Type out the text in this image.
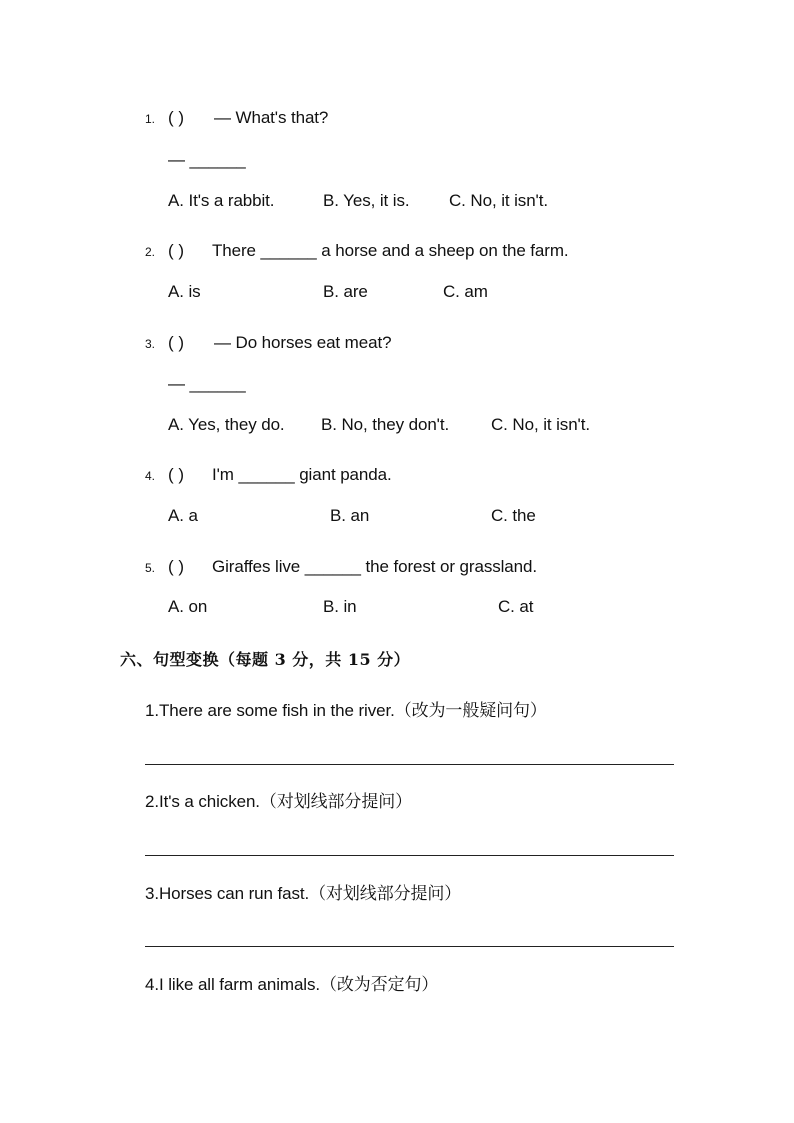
1. ( ) — What's that?
— ______
A. It's a rabbit.	B. Yes, it is. C. No, it isn't.
2. ( ) There ______ a horse and a sheep on the farm.
A. is	B. are	C. am
3. ( ) — Do horses eat meat?
— ______
A. Yes, they do. B. No, they don't. C. No, it isn't.
4. ( ) I'm ______ giant panda.
A. a	B. an	C. the
5. ( ) Giraffes live ______ the forest or grassland.
A. on	B. in	C. at
六、句型变换（每题 3 分，共 15 分）
1.There are some fish in the river.（改为一般疑问句）
2.It's a chicken.（对划线部分提问）
3.Horses can run fast.（对划线部分提问）
4.I like all farm animals.（改为否定句）
